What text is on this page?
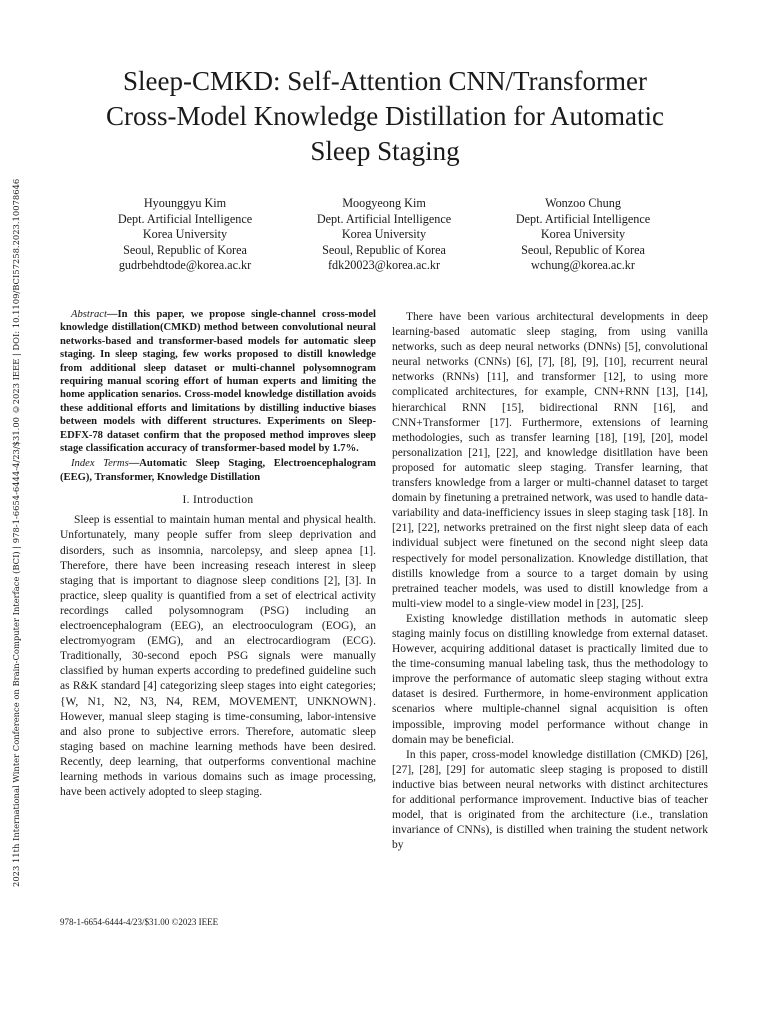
2023 11th International Winter Conference on Brain-Computer Interface (BCI) | 978-1-6654-6444-4/23/$31.00 ©2023 IEEE | DOI: 10.1109/BCI57258.2023.10078646
Sleep-CMKD: Self-Attention CNN/Transformer
Cross-Model Knowledge Distillation for Automatic
Sleep Staging
Hyounggyu Kim
Dept. Artificial Intelligence
Korea University
Seoul, Republic of Korea
gudrbehdtode@korea.ac.kr
Moogyeong Kim
Dept. Artificial Intelligence
Korea University
Seoul, Republic of Korea
fdk20023@korea.ac.kr
Wonzoo Chung
Dept. Artificial Intelligence
Korea University
Seoul, Republic of Korea
wchung@korea.ac.kr

Abstract—In this paper, we propose single-channel cross-model knowledge distillation(CMKD) method between convolutional neural networks-based and transformer-based models for automatic sleep staging. In sleep staging, few works proposed to distill knowledge from additional sleep dataset or multi-channel polysomnogram requiring manual scoring effort of human experts and limiting the home application senarios. Cross-model knowledge distillation avoids these additional efforts and limitations by distilling inductive biases between models with different structures. Experiments on Sleep-EDFX-78 dataset confirm that the proposed method improves sleep stage classification accuracy of transformer-based model by 1.7%.

Index Terms—Automatic Sleep Staging, Electroencephalogram (EEG), Transformer, Knowledge Distillation

I. Introduction

Sleep is essential to maintain human mental and physical health. Unfortunately, many people suffer from sleep deprivation and disorders, such as insomnia, narcolepsy, and sleep apnea [1]. Therefore, there have been increasing reseach interest in sleep staging that is important to diagnose sleep conditions [2], [3]. In practice, sleep quality is quantified from a set of electrical activity recordings called polysomnogram (PSG) including an electroencephalogram (EEG), an electrooculogram (EOG), an electromyogram (EMG), and an electrocardiogram (ECG). Traditionally, 30-second epoch PSG signals were manually classified by human experts according to predefined guideline such as R&K standard [4] categorizing sleep stages into eight categories; {W, N1, N2, N3, N4, REM, MOVEMENT, UNKNOWN}. However, manual sleep staging is time-consuming, labor-intensive and also prone to subjective errors. Therefore, automatic sleep staging based on machine learning methods have been desired. Recently, deep learning, that outperforms conventional machine learning methods in various domains such as image processing, have been actively adopted to sleep staging.

There have been various architectural developments in deep learning-based automatic sleep staging, from using vanilla networks, such as deep neural networks (DNNs) [5], convolutional neural networks (CNNs) [6], [7], [8], [9], [10], recurrent neural networks (RNNs) [11], and transformer [12], to using more complicated architectures, for example, CNN+RNN [13], [14], hierarchical RNN [15], bidirectional RNN [16], and CNN+Transformer [17]. Furthermore, extensions of learning methodologies, such as transfer learning [18], [19], [20], model personalization [21], [22], and knowledge disitllation have been proposed for automatic sleep staging. Transfer learning, that transfers knowledge from a larger or multi-channel dataset to target domain by finetuning a pretrained network, was used to handle data-variability and data-inefficiency issues in sleep staging task [18]. In [21], [22], networks pretrained on the first night sleep data of each individual subject were finetuned on the second night sleep data respectively for model personalization. Knowledge distillation, that distills knowledge from a source to a target domain by using pretrained teacher models, was used to distill knowledge from a multi-view model to a single-view model in [23], [25].

Existing knowledge distillation methods in automatic sleep staging mainly focus on distilling knowledge from external dataset. However, acquiring additional dataset is practically limited due to the time-consuming manual labeling task, thus the methodology to improve the performance of automatic sleep staging without extra dataset is desired. Furthermore, in home-environment application scenarios where multiple-channel signal acquisition is often impossible, improving model performance without change in domain may be beneficial.

In this paper, cross-model knowledge distillation (CMKD) [26], [27], [28], [29] for automatic sleep staging is proposed to distill inductive bias between neural networks with distinct architectures for additional performance improvement. Inductive bias of teacher model, that is originated from the architecture (i.e., translation invariance of CNNs), is distilled when training the student network by

978-1-6654-6444-4/23/$31.00 ©2023 IEEE
